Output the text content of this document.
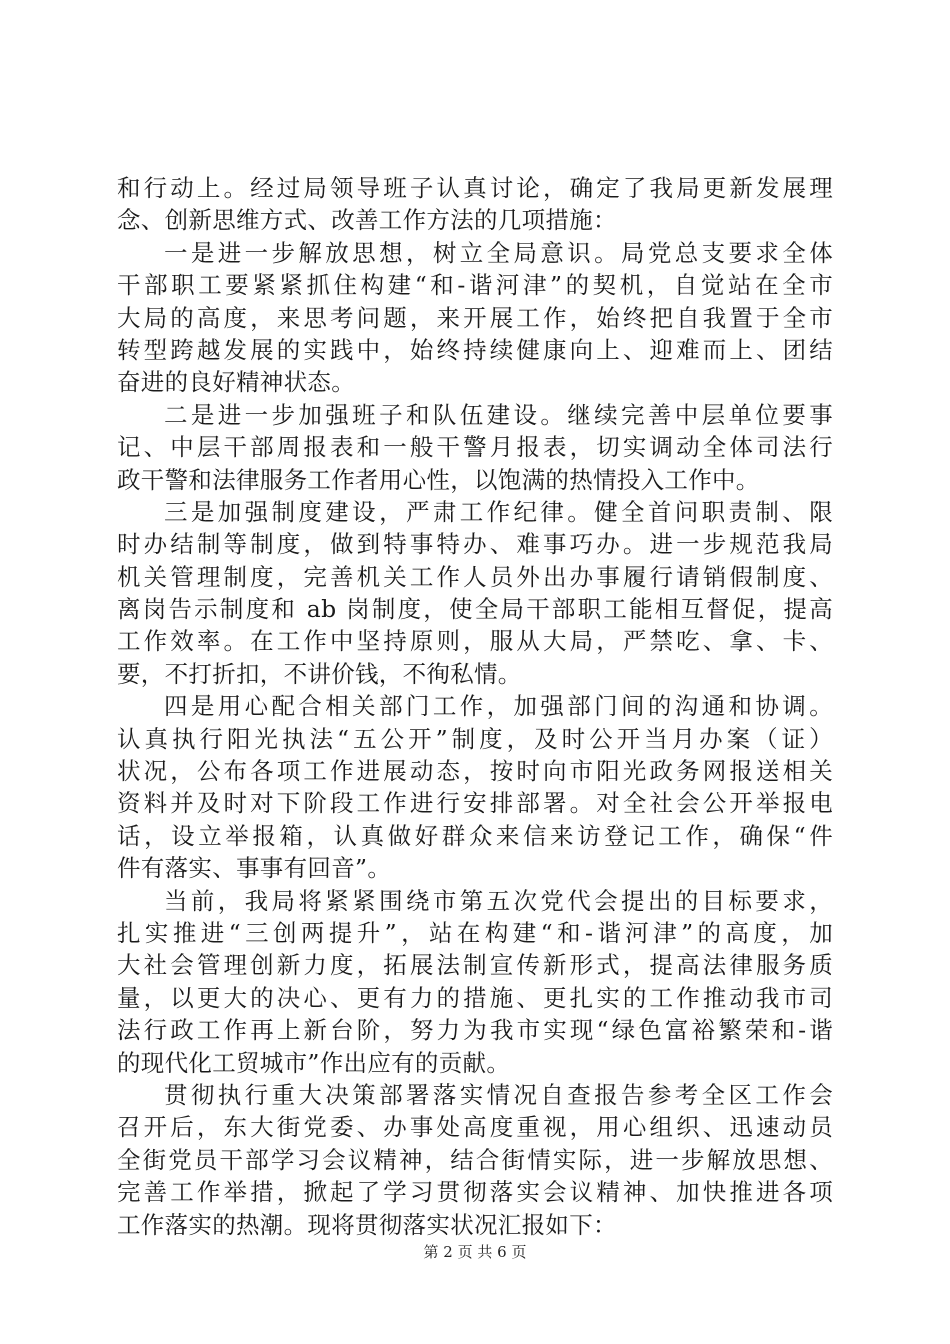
和行动上。经过局领导班子认真讨论，确定了我局更新发展理
念、创新思维方式、改善工作方法的几项措施：
一是进一步解放思想，树立全局意识。局党总支要求全体
干部职工要紧紧抓住构建“和-谐河津”的契机，自觉站在全市
大局的高度，来思考问题，来开展工作，始终把自我置于全市
转型跨越发展的实践中，始终持续健康向上、迎难而上、团结
奋进的良好精神状态。
二是进一步加强班子和队伍建设。继续完善中层单位要事
记、中层干部周报表和一般干警月报表，切实调动全体司法行
政干警和法律服务工作者用心性，以饱满的热情投入工作中。
三是加强制度建设，严肃工作纪律。健全首问职责制、限
时办结制等制度，做到特事特办、难事巧办。进一步规范我局
机关管理制度，完善机关工作人员外出办事履行请销假制度、
离岗告示制度和 ab 岗制度，使全局干部职工能相互督促，提高
工作效率。在工作中坚持原则，服从大局，严禁吃、拿、卡、
要，不打折扣，不讲价钱，不徇私情。
四是用心配合相关部门工作，加强部门间的沟通和协调。
认真执行阳光执法“五公开”制度，及时公开当月办案（证）
状况，公布各项工作进展动态，按时向市阳光政务网报送相关
资料并及时对下阶段工作进行安排部署。对全社会公开举报电
话，设立举报箱，认真做好群众来信来访登记工作，确保“件
件有落实、事事有回音”。
当前，我局将紧紧围绕市第五次党代会提出的目标要求，
扎实推进“三创两提升”，站在构建“和-谐河津”的高度，加
大社会管理创新力度，拓展法制宣传新形式，提高法律服务质
量，以更大的决心、更有力的措施、更扎实的工作推动我市司
法行政工作再上新台阶，努力为我市实现“绿色富裕繁荣和-谐
的现代化工贸城市”作出应有的贡献。
贯彻执行重大决策部署落实情况自查报告参考全区工作会
召开后，东大街党委、办事处高度重视，用心组织、迅速动员
全街党员干部学习会议精神，结合街情实际，进一步解放思想、
完善工作举措，掀起了学习贯彻落实会议精神、加快推进各项
工作落实的热潮。现将贯彻落实状况汇报如下：
第 2 页 共 6 页
